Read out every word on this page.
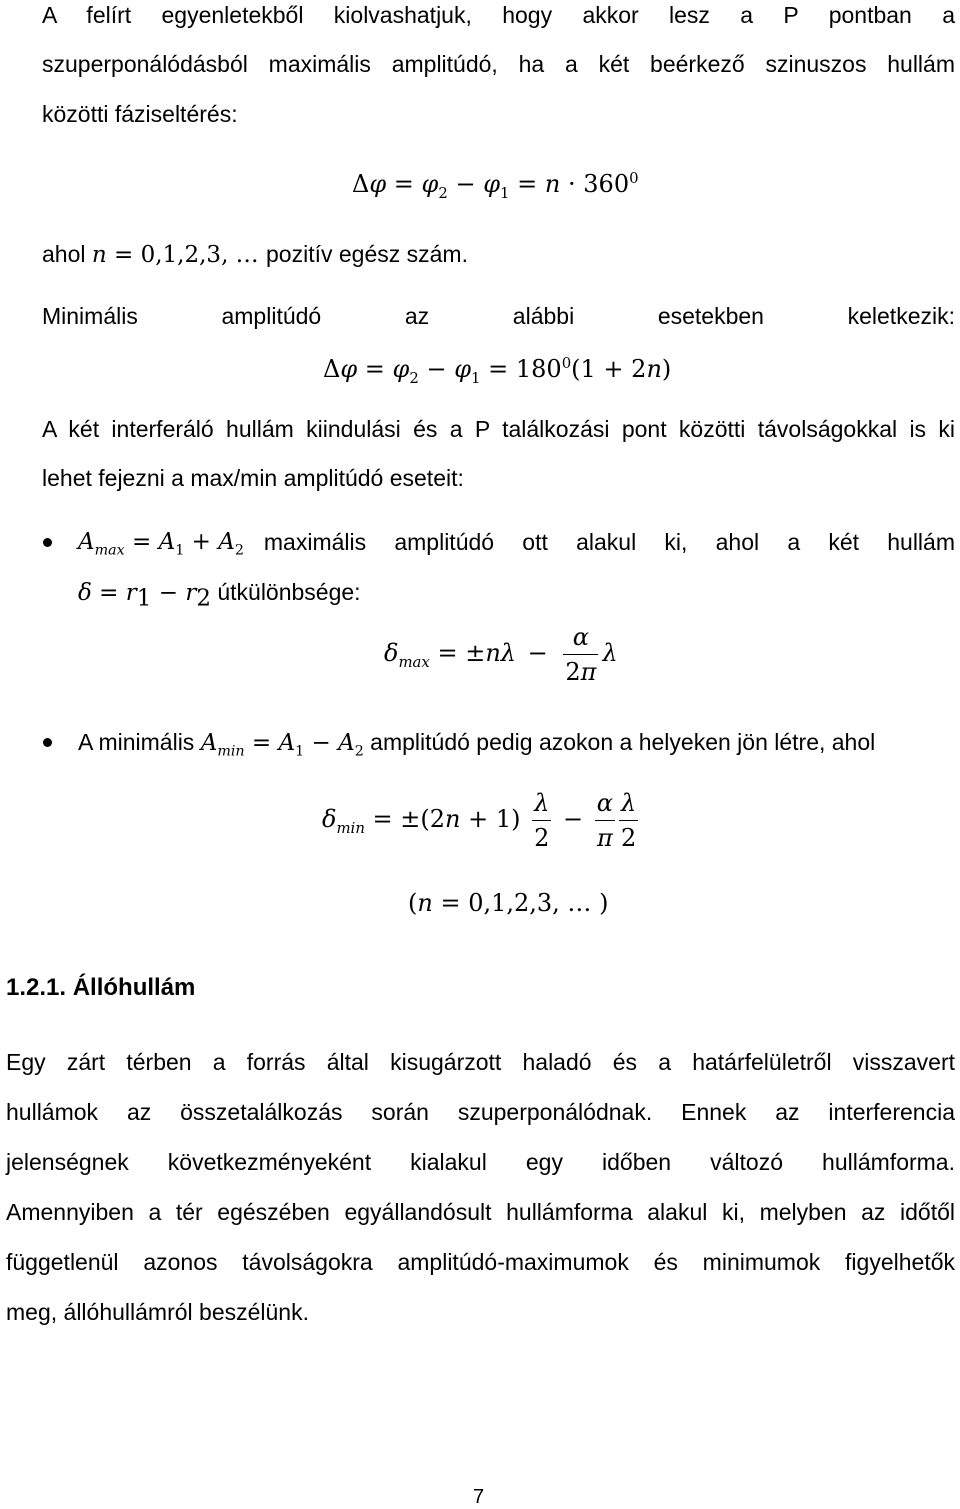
A felírt egyenletekből kiolvashatjuk, hogy akkor lesz a P pontban a

szuperponálódásból maximális amplitúdó, ha a két beérkező szinuszos hullám

közötti fáziseltérés:

$\Delta\varphi = \varphi_2 - \varphi_1 = n \cdot 360^0$

ahol n = 0,1,2,3, … pozitív egész szám.

Minimális	amplitúdó	az	alábbi	esetekben	keletkezik:

$\Delta\varphi = \varphi_2 - \varphi_1 = 180^0(1 + 2n)$

A két interferáló hullám kiindulási és a P találkozási pont közötti távolságokkal is ki

lehet fejezni a max/min amplitúdó eseteit:

$A_{max} = A_1 + A_2$ maximális amplitúdó ott alakul ki, ahol a két hullám

$\delta = r_1 - r_2$ útkülönbsége:

$\delta_{max} = \pm n\lambda - \frac{\alpha}{2\pi}$ λ

A minimális $A_{min} = A_1 - A_2$ amplitúdó pedig azokon a helyeken jön létre, ahol

$\delta_{min} = \pm(2n + 1) \frac{\lambda}{2} - \frac{\alpha}{\pi} \frac{\lambda}{2}$
(n = 0,1,2,3, … )
1.2.1. Állóhullám

Egy zárt térben a forrás által kisugárzott haladó és a határfelületről visszavert

hullámok az összetalálkozás során szuperponálódnak. Ennek az interferencia

jelenségnek következményeként kialakul egy időben változó hullámforma.

Amennyiben a tér egészében egyállandósult hullámforma alakul ki, melyben az időtől

függetlenül azonos távolságokra amplitúdó-maximumok és minimumok figyelhetők

meg, állóhullámról beszélünk.

7
